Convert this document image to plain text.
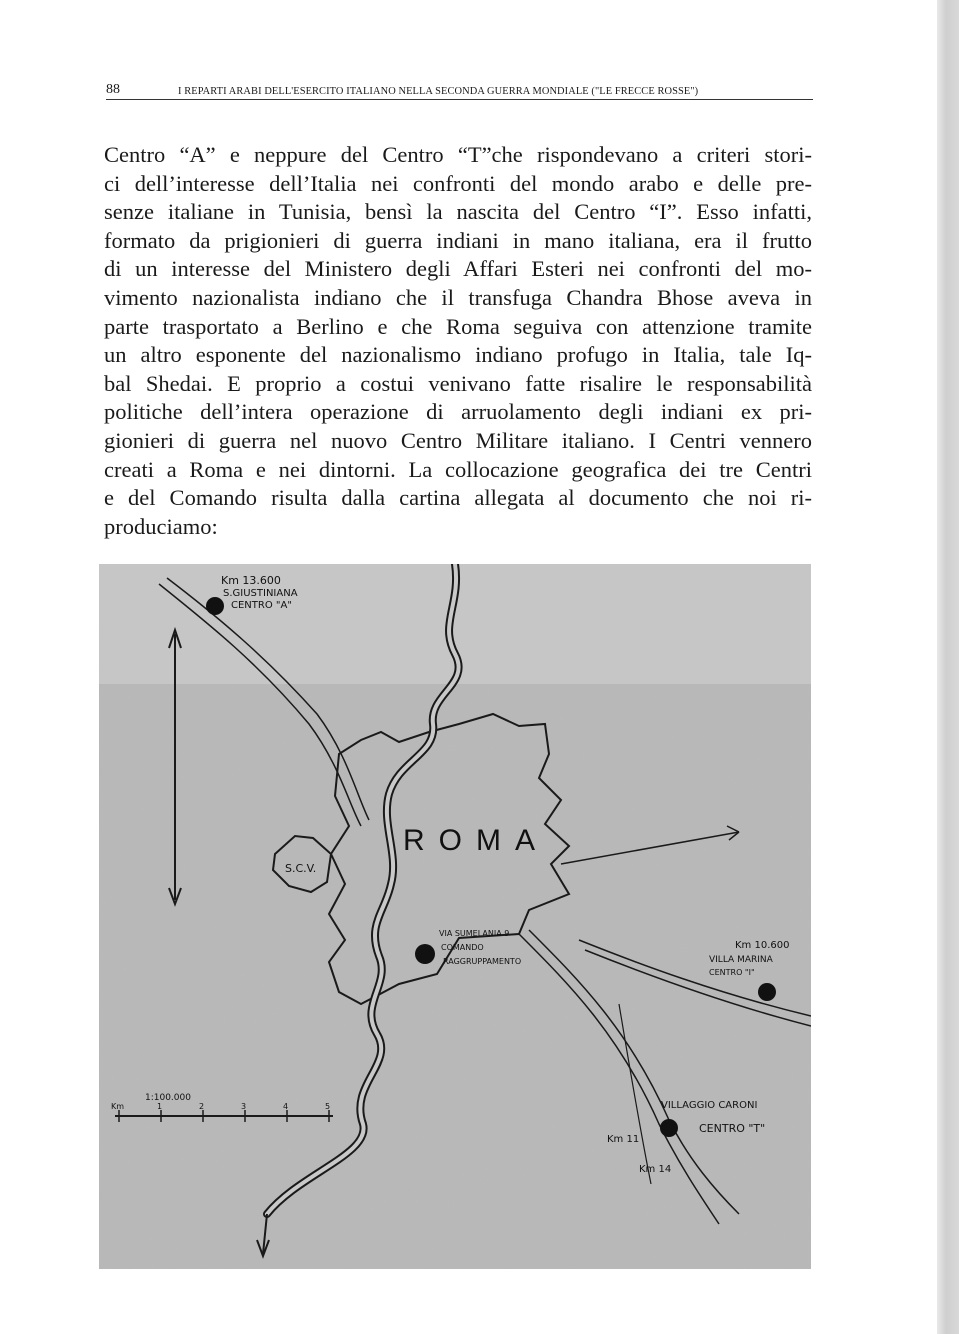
88	I REPARTI ARABI DELL'ESERCITO ITALIANO NELLA SECONDA GUERRA MONDIALE ("LE FRECCE ROSSE")

Centro “A” e neppure del Centro “T”che rispondevano a criteri stori-
ci dell’interesse dell’Italia nei confronti del mondo arabo e delle pre-
senze italiane in Tunisia, bensì la nascita del Centro “I”. Esso infatti,
formato da prigionieri di guerra indiani in mano italiana, era il frutto
di un interesse del Ministero degli Affari Esteri nei confronti del mo-
vimento nazionalista indiano che il transfuga Chandra Bhose aveva in
parte trasportato a Berlino e che Roma seguiva con attenzione tramite
un altro esponente del nazionalismo indiano profugo in Italia, tale Iq-
bal Shedai. E proprio a costui venivano fatte risalire le responsabilità
politiche dell’intera operazione di arruolamento degli indiani ex pri-
gionieri di guerra nel nuovo Centro Militare italiano. I Centri vennero
creati a Roma e nei dintorni. La collocazione geografica dei tre Centri
e del Comando risulta dalla cartina allegata al documento che noi ri-
produciamo:

S.C.V.
ROMA
Km 13.600
S.GIUSTINIANA
CENTRO "A"
VIA SUMELANIA 9
COMANDO
RAGGRUPPAMENTO
Km 10.600
VILLA MARINA
CENTRO "I"
VILLAGGIO CARONI
CENTRO "T"
Km 11
Km 14
1:100.000
Km	1	2	3	4	5
